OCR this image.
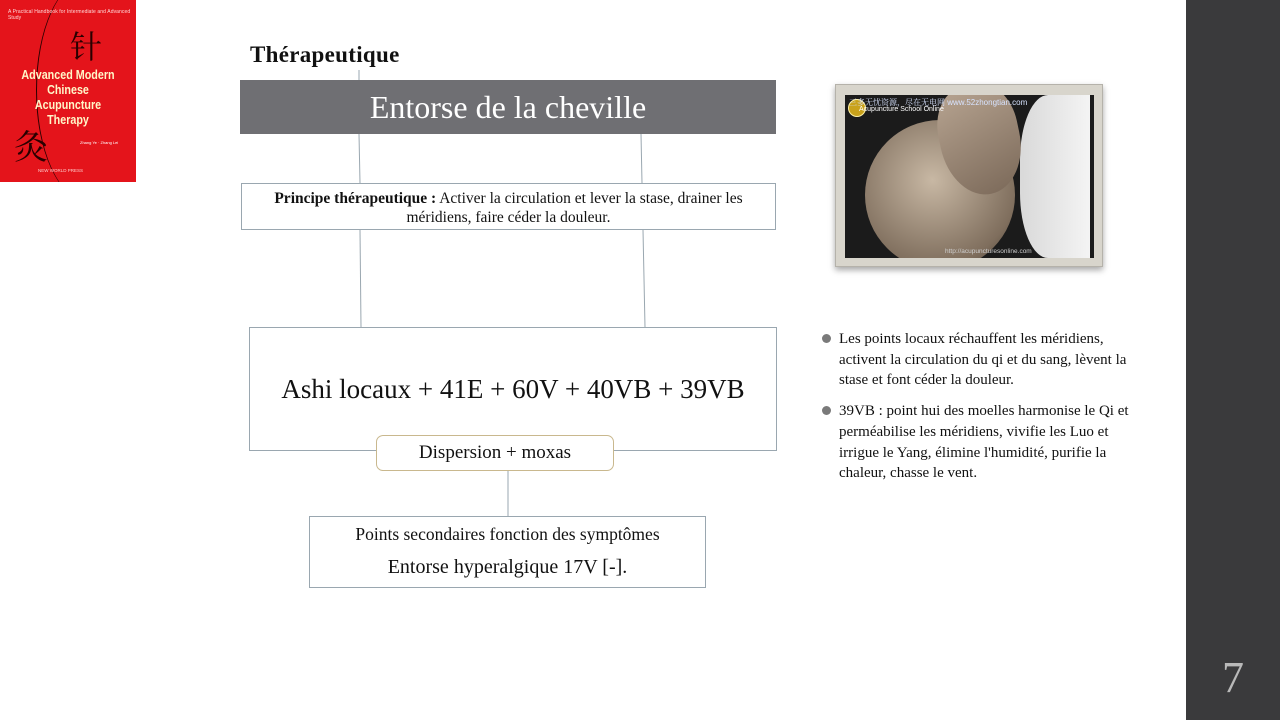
A Practical Handbook for Intermediate and Advanced Study
针
Advanced Modern Chinese Acupuncture Therapy
灸	Zhang Ye · Zhang Lei
NEW WORLD PRESS
Thérapeutique
Entorse de la cheville
Principe thérapeutique : Activer la circulation et lever la stase, drainer les méridiens, faire céder la douleur.
Ashi locaux + 41E + 60V + 40VB + 39VB
Dispersion + moxas
Points secondaires fonction des symptômes
Entorse hyperalgique 17V [-].
三多无忧资源，尽在无电网 www.52zhongtian.com
Acupuncture School Online
http://acupuncturesonline.com
Les points locaux réchauffent les méridiens, activent la circulation du qi et du sang, lèvent la stase et font céder la douleur.
39VB : point hui des moelles harmonise le Qi et perméabilise les méridiens, vivifie les Luo et irrigue le Yang, élimine l'humidité, purifie la chaleur, chasse le vent.
7
